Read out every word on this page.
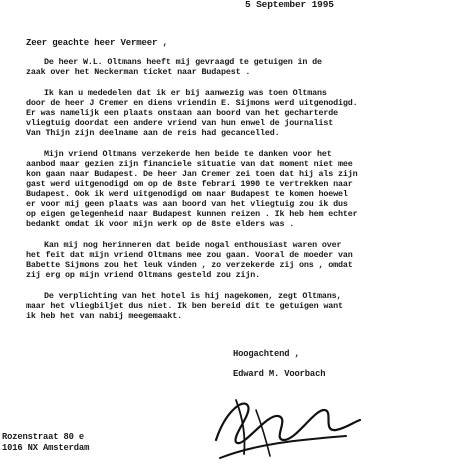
5 September 1995
Zeer geachte heer Vermeer ,
De heer W.L. Oltmans heeft mij gevraagd te getuigen in de
zaak over het Neckerman ticket naar Budapest .
Ik kan u mededelen dat ik er bij aanwezig was toen Oltmans
door de heer J Cremer en diens vriendin E. Sijmons werd uitgenodigd.
Er was namelijk een plaats onstaan aan boord van het gecharterde
vliegtuig doordat een andere vriend van hun enwel de journalist
Van Thijn zijn deelname aan de reis had gecancelled.
Mijn vriend Oltmans verzekerde hen beide te danken voor het
aanbod maar gezien zijn financiele situatie van dat moment niet mee
kon gaan naar Budapest. De heer Jan Cremer zei toen dat hij als zijn
gast werd uitgenodigd om op de 8ste febrari 1990 te vertrekken naar
Budapest. Ook ik werd uitgenodigd om naar Budapest te komen hoewel
er voor mij geen plaats was aan boord van het vliegtuig zou ik dus
op eigen gelegenheid naar Budapest kunnen reizen . Ik heb hem echter
bedankt omdat ik voor mijn werk op de 8ste elders was .
Kan mij nog herinneren dat beide nogal enthousiast waren over
het feit dat mijn vriend Oltmans mee zou gaan. Vooral de moeder van
Babette Sijmons zou het leuk vinden , zo verzekerde zij ons , omdat
zij erg op mijn vriend Oltmans gesteld zou zijn.
De verplichting van het hotel is hij nagekomen, zegt Oltmans,
maar het vliegbiljet dus niet. Ik ben bereid dit te getuigen want
ik heb het van nabij meegemaakt.
Hoogachtend ,
Edward M. Voorbach
Rozenstraat 80 e
1016 NX Amsterdam
